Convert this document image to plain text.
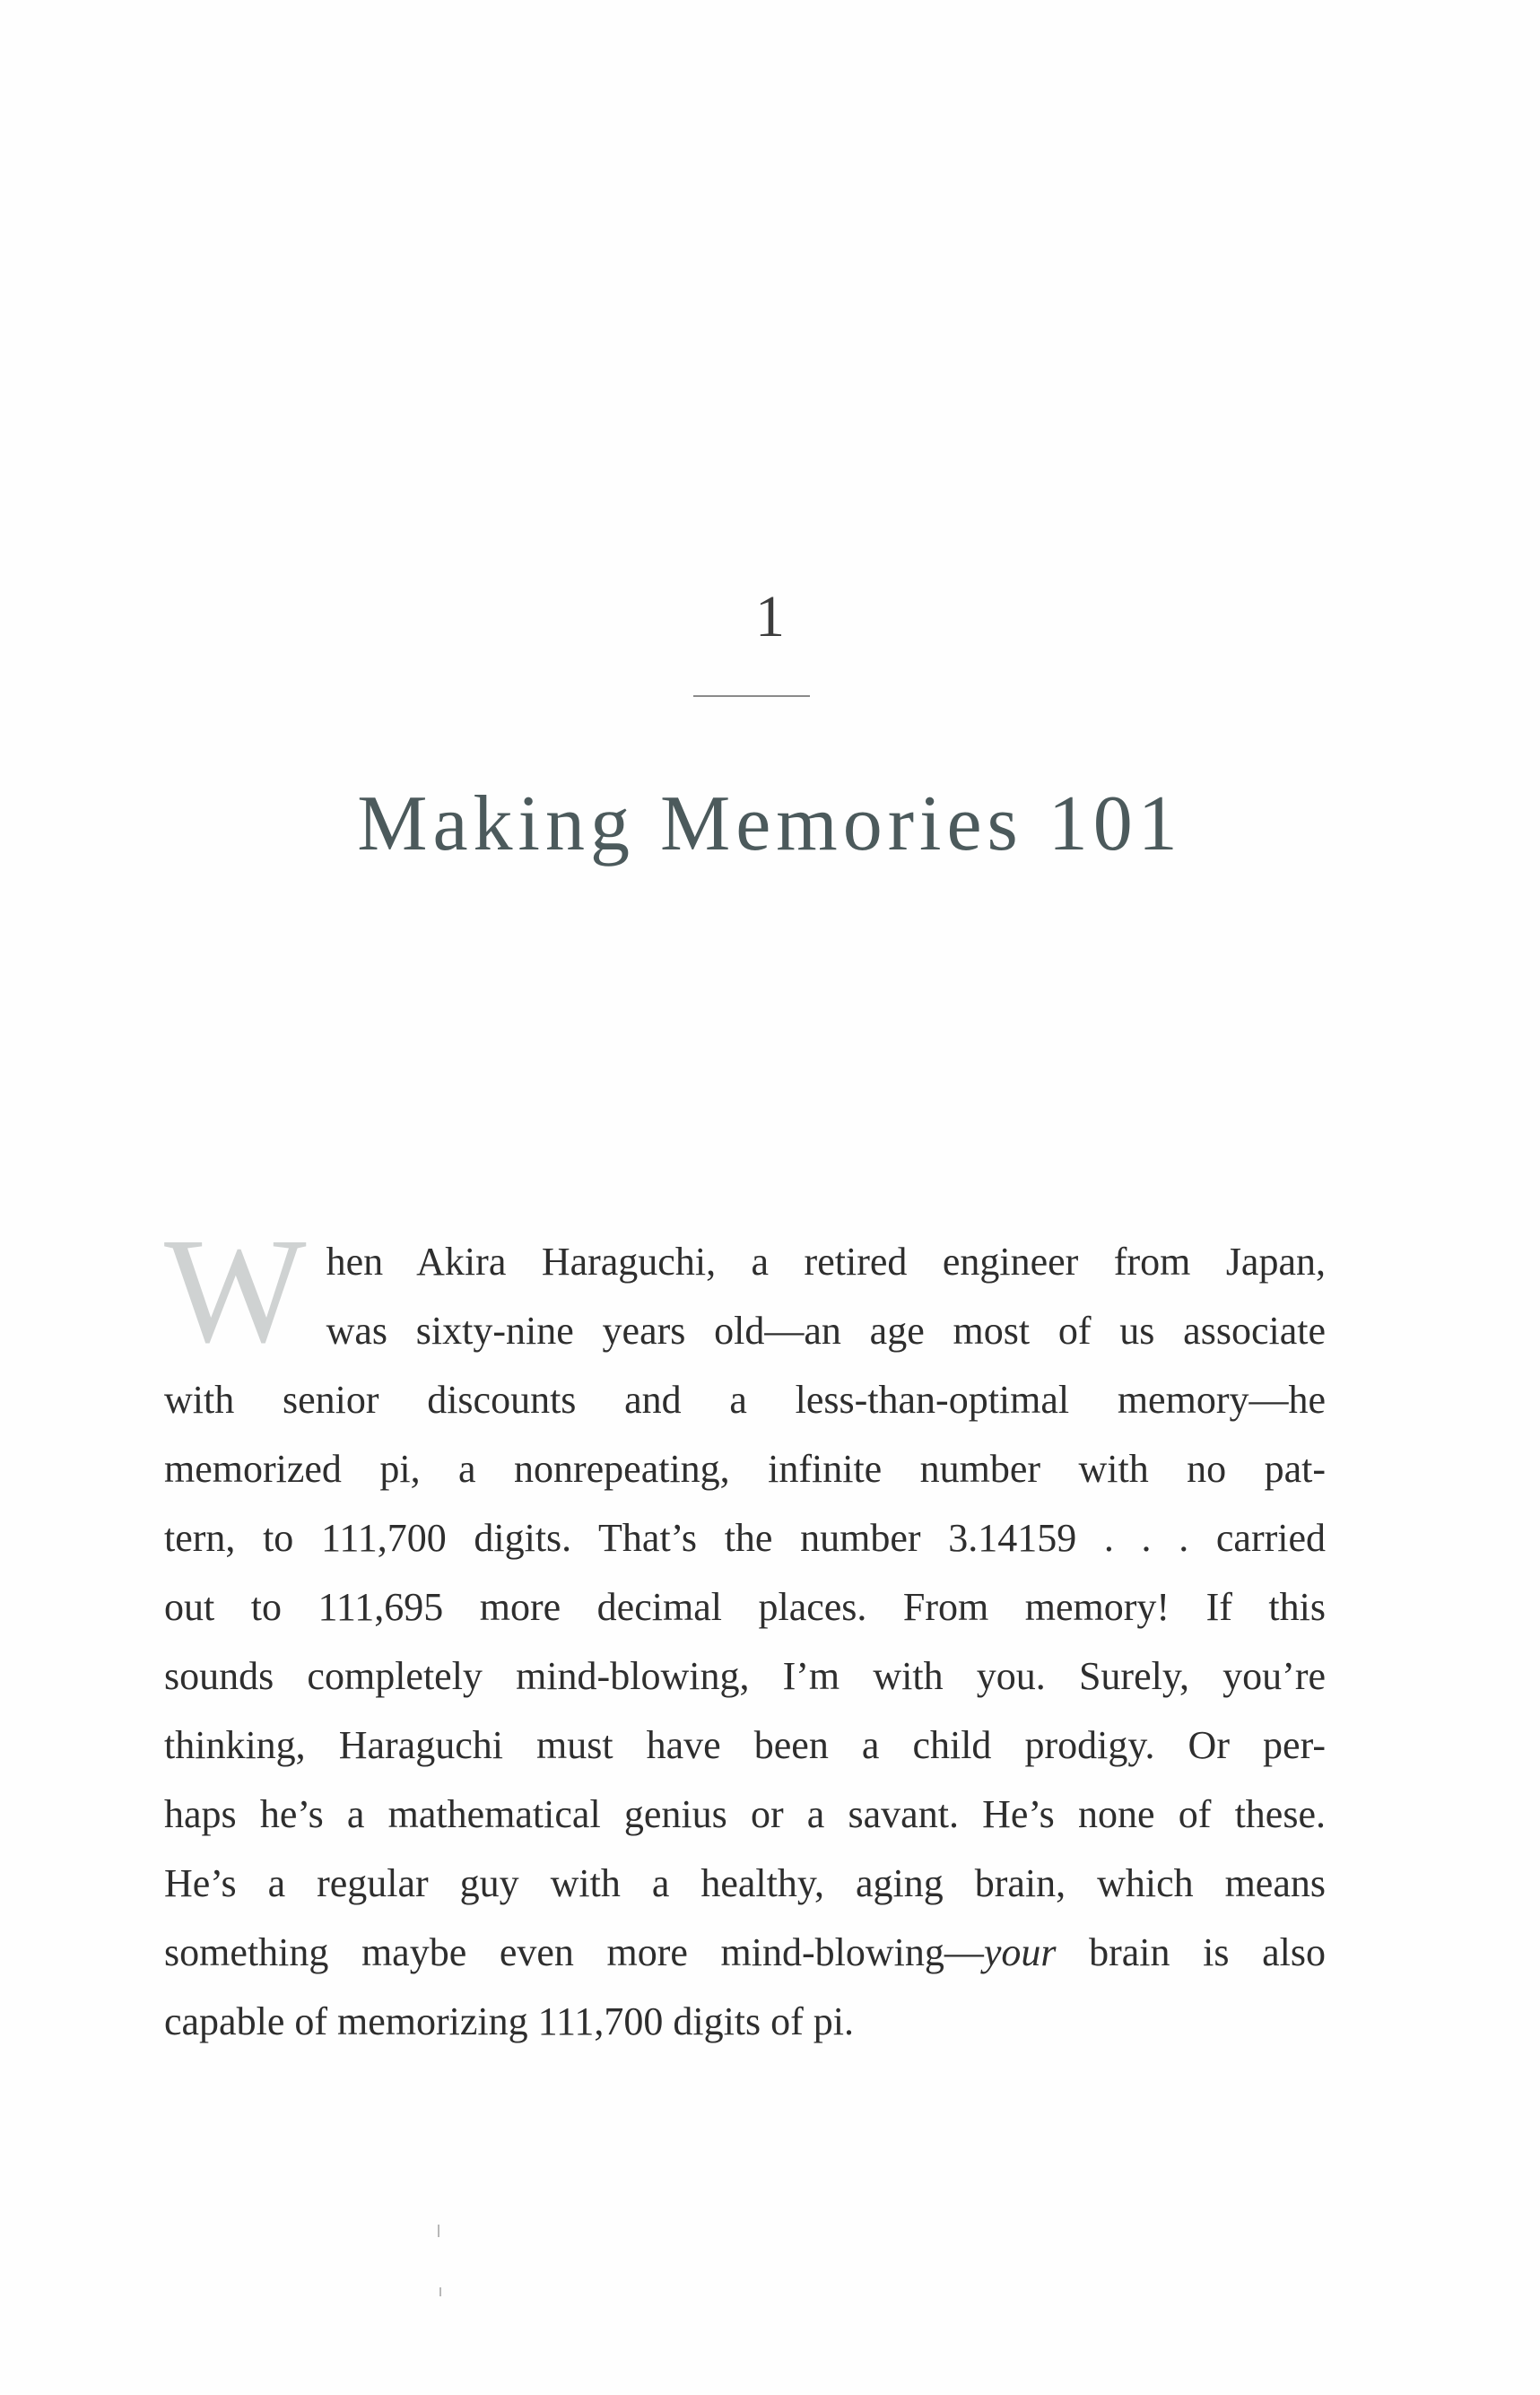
1
Making Memories 101
W hen Akira Haraguchi, a retired engineer from Japan,
was sixty-nine years old—an age most of us associate
with senior discounts and a less-than-optimal memory—he
memorized pi, a nonrepeating, infinite number with no pat-
tern, to 111,700 digits. That’s the number 3.14159 . . . carried
out to 111,695 more decimal places. From memory! If this
sounds completely mind-blowing, I’m with you. Surely, you’re
thinking, Haraguchi must have been a child prodigy. Or per-
haps he’s a mathematical genius or a savant. He’s none of these.
He’s a regular guy with a healthy, aging brain, which means
something maybe even more mind-blowing—your brain is also
capable of memorizing 111,700 digits of pi.
